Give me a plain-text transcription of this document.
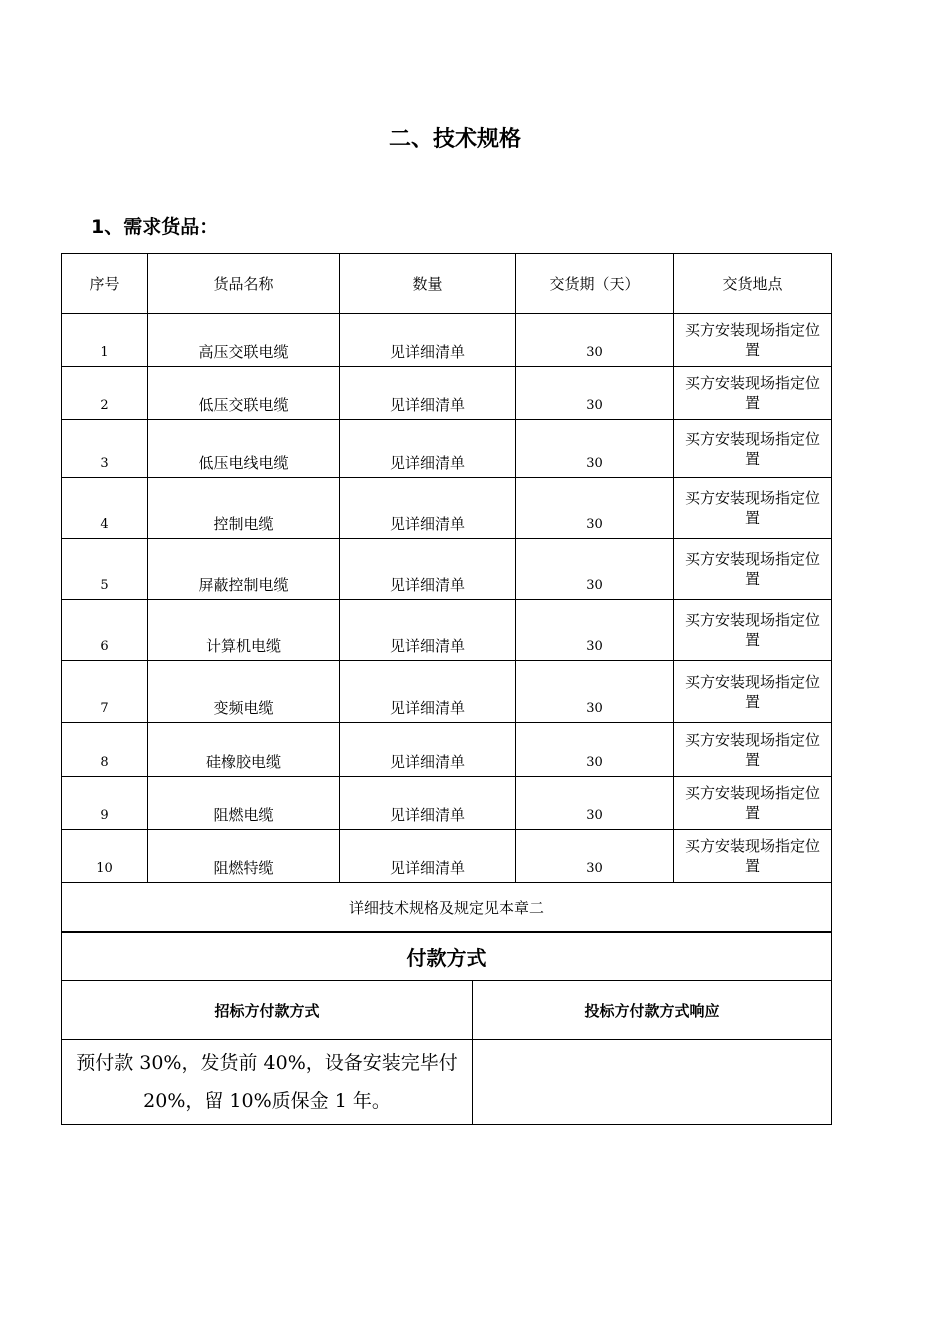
二、技术规格
1、需求货品：
序号	货品名称	数量	交货期（天）	交货地点
1	高压交联电缆	见详细清单	30	买方安装现场指定位置
2	低压交联电缆	见详细清单	30	买方安装现场指定位置
3	低压电线电缆	见详细清单	30	买方安装现场指定位置
4	控制电缆	见详细清单	30	买方安装现场指定位置
5	屏蔽控制电缆	见详细清单	30	买方安装现场指定位置
6	计算机电缆	见详细清单	30	买方安装现场指定位置
7	变频电缆	见详细清单	30	买方安装现场指定位置
8	硅橡胶电缆	见详细清单	30	买方安装现场指定位置
9	阻燃电缆	见详细清单	30	买方安装现场指定位置
10	阻燃特缆	见详细清单	30	买方安装现场指定位置
详细技术规格及规定见本章二				
付款方式	
招标方付款方式	投标方付款方式响应
预付款 30%，发货前 40%，设备安装完毕付 20%，留 10%质保金 1 年。	
